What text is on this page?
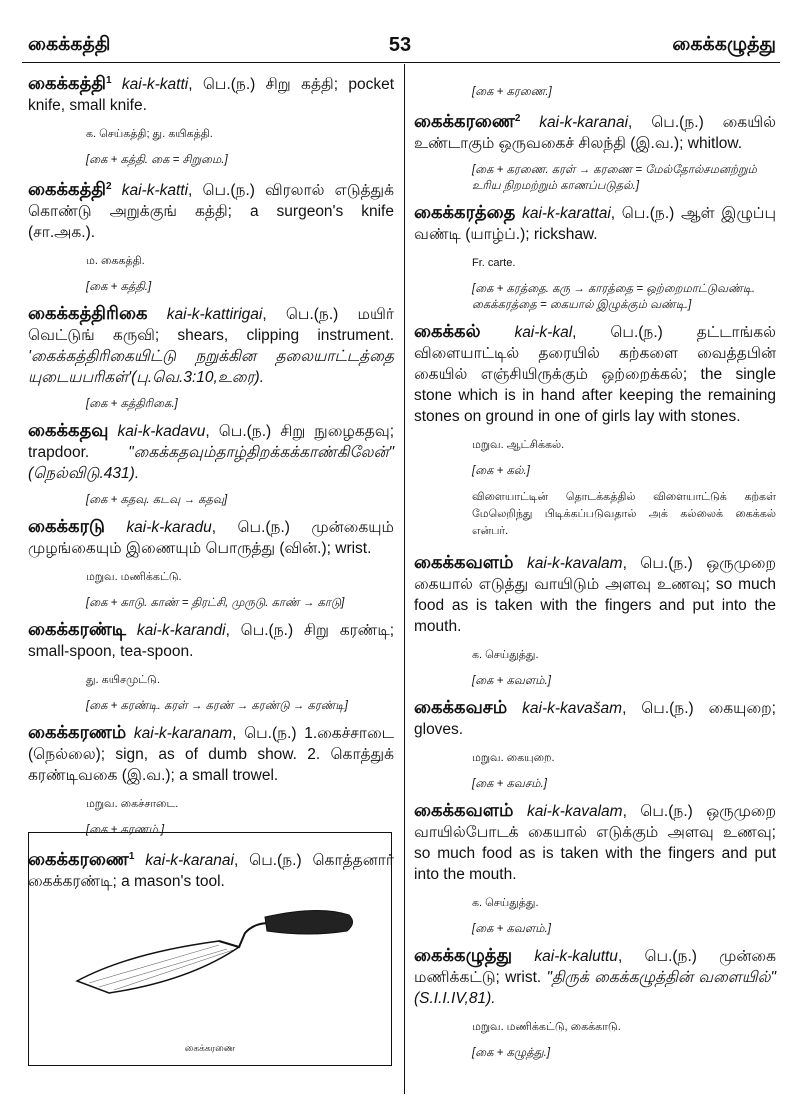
கைக்கத்தி	53	கைக்கழுத்து
கைக்கத்தி$^1$ kai-k-katti, பெ.(ந.) சிறு கத்தி; pocket knife, small knife.
க. செய்கத்தி; து. கயிகத்தி.
[கை + கத்தி. கை = சிறுமை.]
கைக்கத்தி$^2$ kai-k-katti, பெ.(ந.) விரலால் எடுத்துக் கொண்டு அறுக்குங் கத்தி; a surgeon's knife (சா.அக.).
ம. கைகத்தி.
[கை + கத்தி.]
கைக்கத்திரிகை kai-k-kattirigai, பெ.(ந.) மயிர் வெட்டுங் கருவி; shears, clipping instrument. 'கைக்கத்திரிகையிட்டு நறுக்கின தலையாட்டத்தை யுடையபரிகள்'(பு.வெ.3:10,உரை).
[கை + கத்திரிகை.]
கைக்கதவு kai-k-kadavu, பெ.(ந.) சிறு நுழைகதவு; trapdoor.	"கைக்கதவும்தாழ்திறக்கக்காண்கிலேன்" (நெல்விடு.431).
[கை + கதவு. கடவு → கதவு]
கைக்கரடு kai-k-karadu, பெ.(ந.) முன்கையும் முழங்கையும் இணையும் பொருத்து (வின்.); wrist.
மறுவ. மணிக்கட்டு.
[கை + காடு. காண் = திரட்சி, முருடு. காண் → காடு]
கைக்கரண்டி kai-k-karandi, பெ.(ந.) சிறு கரண்டி; small-spoon, tea-spoon.
து. கயிசமுட்டு.
[கை + கரண்டி. கரள் → கரண் → கரண்டு → கரண்டி]
கைக்கரணம் kai-k-karanam, பெ.(ந.) 1.கைச்சாடை (நெல்லை); sign, as of dumb show. 2. கொத்துக் கரண்டிவகை (இ.வ.); a small trowel.
மறுவ. கைச்சாடை.
[கை + கரணம்.]
கைக்கரணை$^1$ kai-k-karanai, பெ.(ந.) கொத்தனார் கைக்கரண்டி; a mason's tool.
[கை + கரணை.]
கைக்கரணை$^2$ kai-k-karanai, பெ.(ந.) கையில் உண்டாகும் ஒருவகைச் சிலந்தி (இ.வ.); whitlow.
[கை + கரணை. கரள் → கரணை = மேல்தோல்சமனற்றும் உரிய நிறமற்றும் காணப்படுதல்.]
கைக்கரத்தை kai-k-karattai, பெ.(ந.) ஆள் இழுப்பு வண்டி (யாழ்ப்.); rickshaw.
Fr. carte.
[கை + கரத்தை. கரு → காரத்தை = ஒற்றைமாட்டுவண்டி. கைக்கரத்தை = கையால் இழுக்கும் வண்டி.]
கைக்கல் kai-k-kal, பெ.(ந.) தட்டாங்கல் விளையாட்டில் தரையில் கற்களை வைத்தபின் கையில் எஞ்சியிருக்கும் ஒற்றைக்கல்; the single stone which is in hand after keeping the remaining stones on ground in one of girls lay with stones.
மறுவ. ஆட்சிக்கல்.
[கை + கல்.]
விளையாட்டின் தொடக்கத்தில் விளையாட்டுக் கற்கள் மேலெறிந்து பிடிக்கப்படுவதால் அக் கல்லைக் கைக்கல் என்பர்.
கைக்கவளம் kai-k-kavalam, பெ.(ந.) ஒருமுறை கையால் எடுத்து வாயிடும் அளவு உணவு; so much food as is taken with the fingers and put into the mouth.
க. செய்துத்து.
[கை + கவளம்.]
கைக்கவசம் kai-k-kavašam, பெ.(ந.) கையுறை; gloves.
மறுவ. கையுறை.
[கை + கவசம்.]
கைக்கவளம் kai-k-kavalam, பெ.(ந.) ஒருமுறை வாயில்போடக் கையால் எடுக்கும் அளவு உணவு; so much food as is taken with the fingers and put into the mouth.
க. செய்துத்து.
[கை + கவளம்.]
கைக்கழுத்து kai-k-kaluttu, பெ.(ந.) முன்கை மணிக்கட்டு; wrist. "திருக் கைக்கழுத்தின் வளையில்"(S.I.I.IV,81).
மறுவ. மணிக்கட்டு, கைக்காடு.
[கை + கழுத்து.]
கைக்கரணை
